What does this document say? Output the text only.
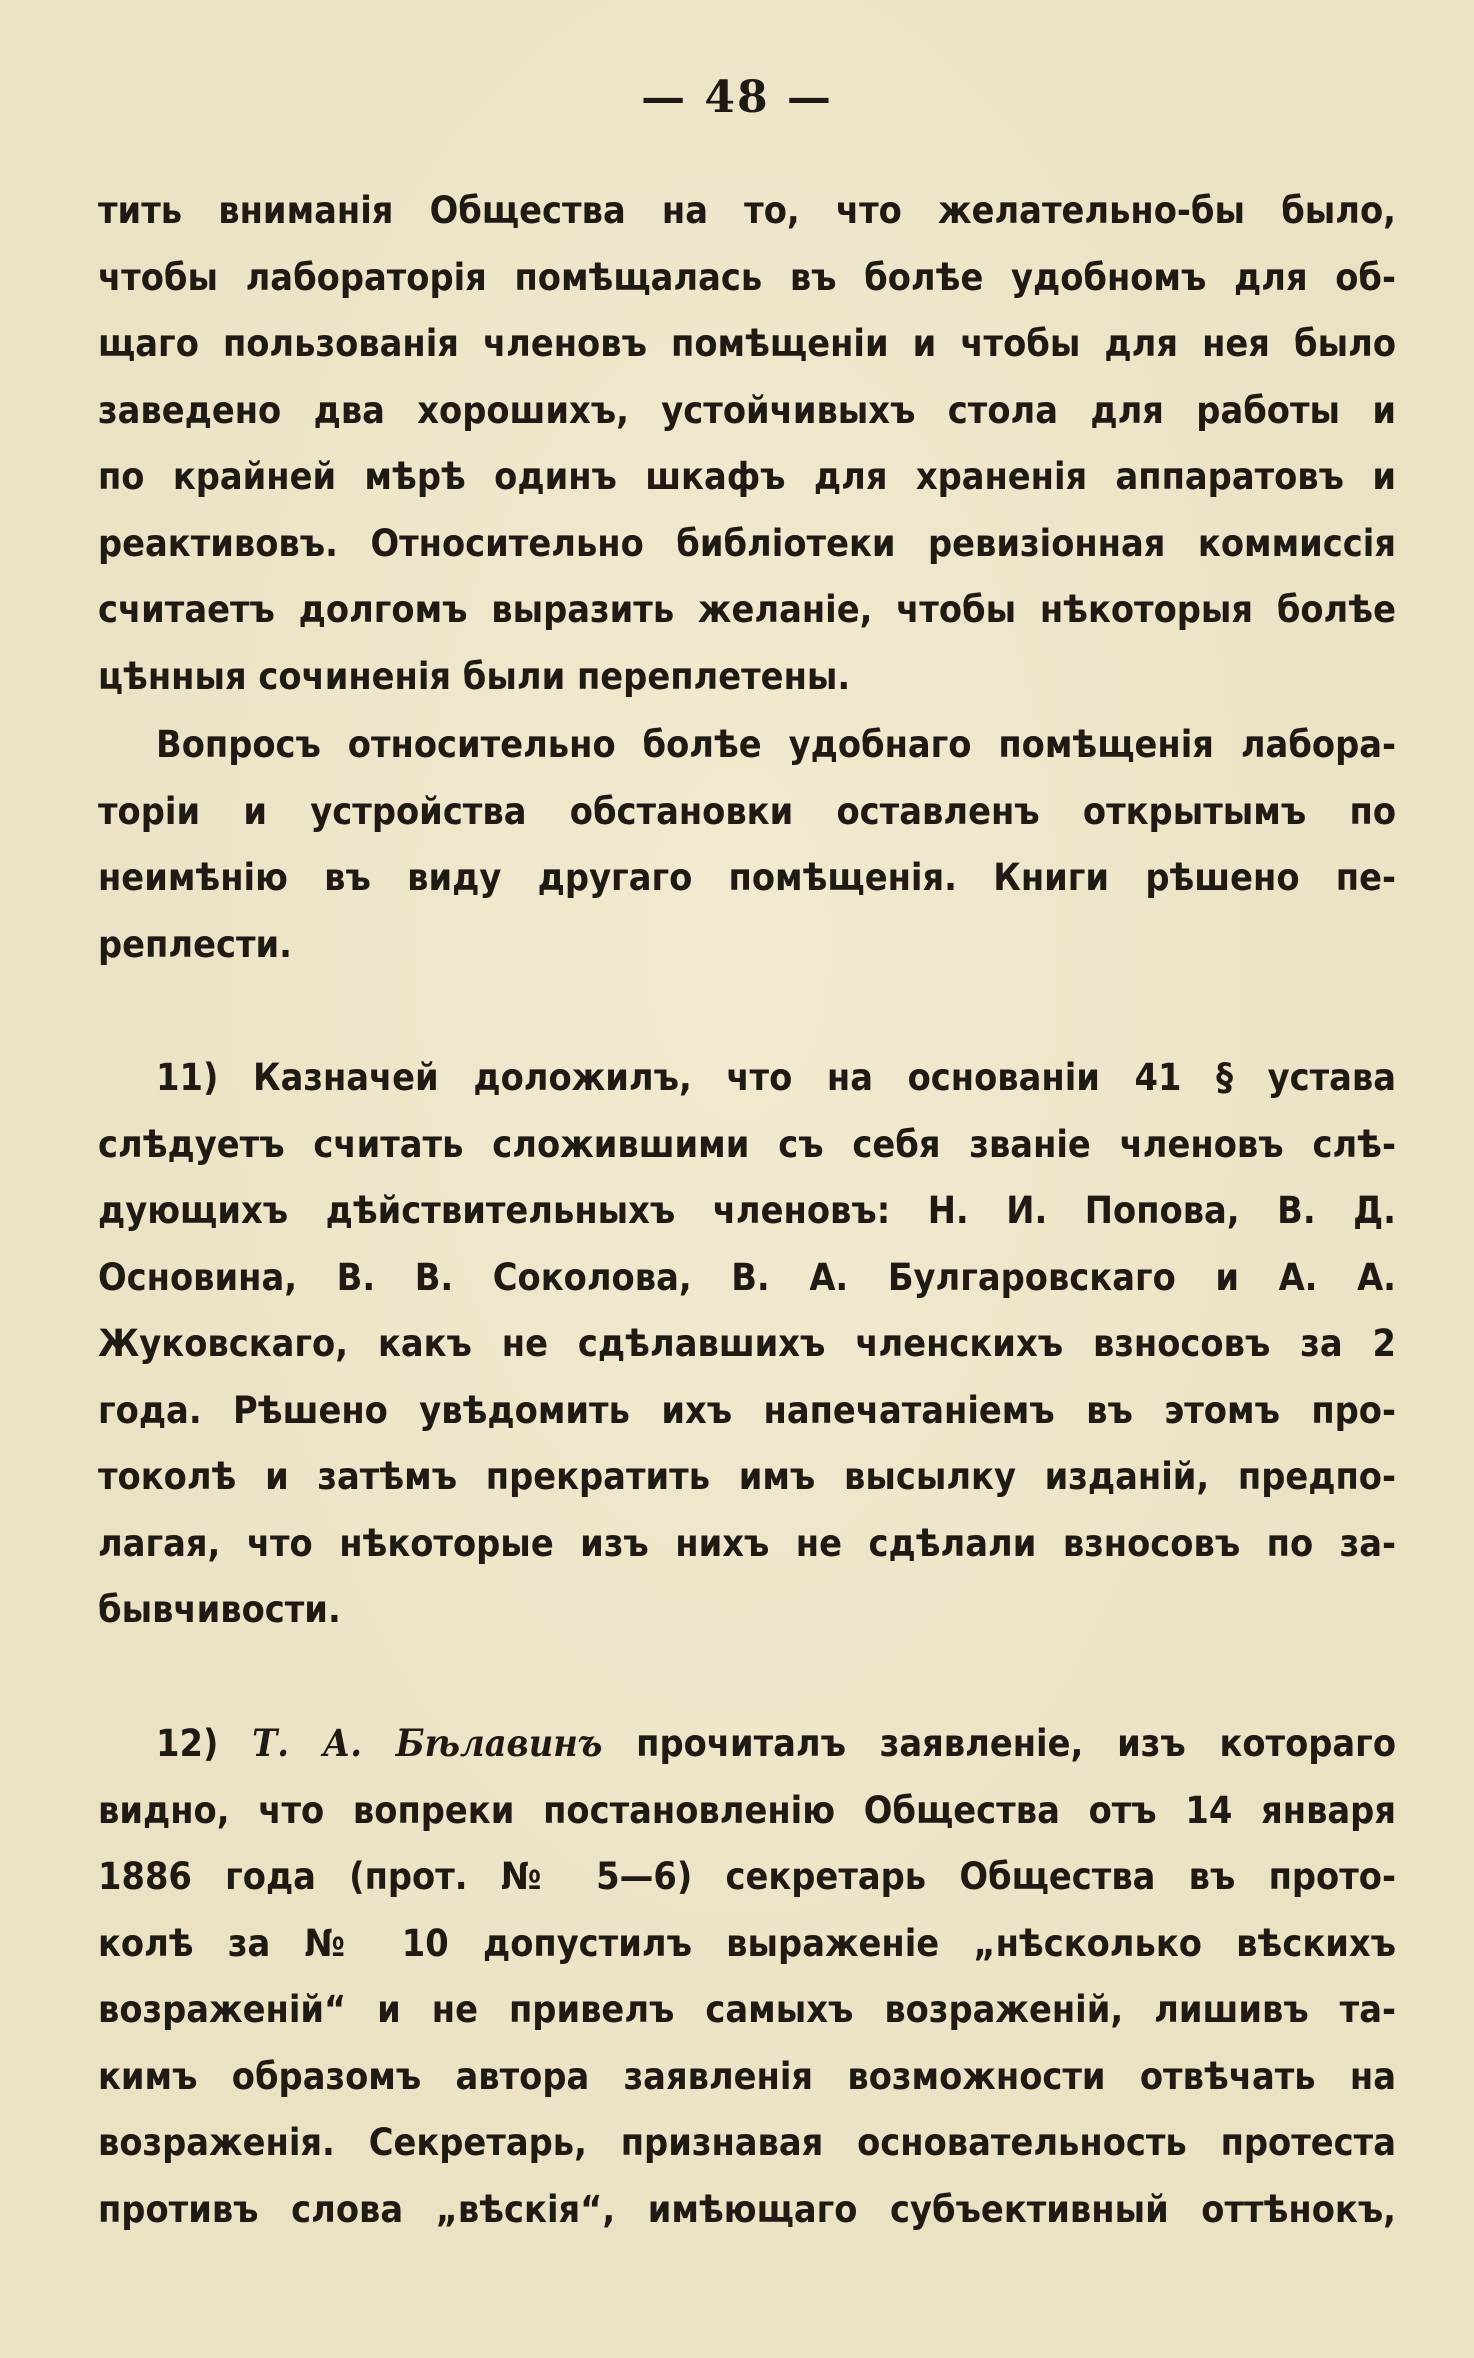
— 48 —
тить вниманія Общества на то, что желательно-бы было,
чтобы лабораторія помѣщалась въ болѣе удобномъ для об-
щаго пользованія членовъ помѣщеніи и чтобы для нея было
заведено два хорошихъ, устойчивыхъ стола для работы и
по крайней мѣрѣ одинъ шкафъ для храненія аппаратовъ и
реактивовъ. Относительно библіотеки ревизіонная коммиссія
считаетъ долгомъ выразить желаніе, чтобы нѣкоторыя болѣе
цѣнныя сочиненія были переплетены.
Вопросъ относительно болѣе удобнаго помѣщенія лабора-
торіи и устройства обстановки оставленъ открытымъ по
неимѣнію въ виду другаго помѣщенія. Книги рѣшено пе-
реплести.
11) Казначей доложилъ, что на основаніи 41 § устава
слѣдуетъ считать сложившими съ себя званіе членовъ слѣ-
дующихъ дѣйствительныхъ членовъ: Н. И. Попова, В. Д.
Основина, В. В. Соколова, В. А. Булгаровскаго и А. А.
Жуковскаго, какъ не сдѣлавшихъ членскихъ взносовъ за 2
года. Рѣшено увѣдомить ихъ напечатаніемъ въ этомъ про-
токолѣ и затѣмъ прекратить имъ высылку изданій, предпо-
лагая, что нѣкоторые изъ нихъ не сдѣлали взносовъ по за-
бывчивости.
12) Т. А. Бѣлавинъ прочиталъ заявленіе, изъ котораго
видно, что вопреки постановленію Общества отъ 14 января
1886 года (прот. № 5—6) секретарь Общества въ прото-
колѣ за № 10 допустилъ выраженіе „нѣсколько вѣскихъ
возраженій“ и не привелъ самыхъ возраженій, лишивъ та-
кимъ образомъ автора заявленія возможности отвѣчать на
возраженія. Секретарь, признавая основательность протеста
противъ слова „вѣскія“, имѣющаго субъективный оттѣнокъ,
